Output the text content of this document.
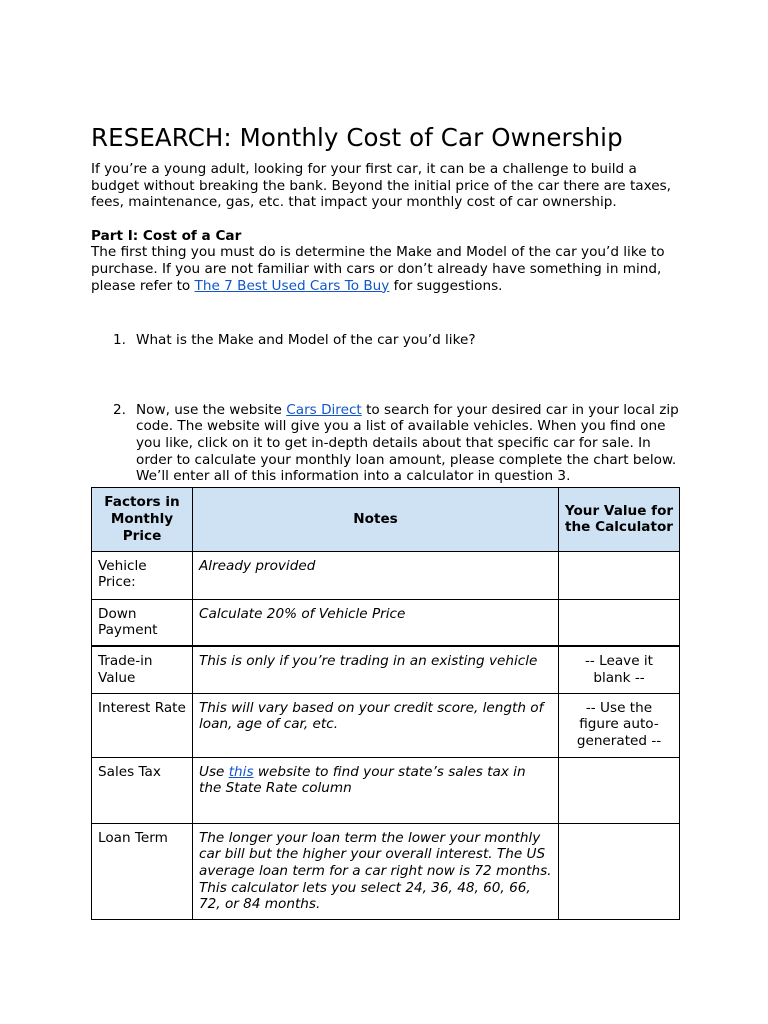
RESEARCH: Monthly Cost of Car Ownership

If you’re a young adult, looking for your first car, it can be a challenge to build a budget without breaking the bank. Beyond the initial price of the car there are taxes, fees, maintenance, gas, etc. that impact your monthly cost of car ownership.

Part I: Cost of a Car

The first thing you must do is determine the Make and Model of the car you’d like to purchase. If you are not familiar with cars or don’t already have something in mind, please refer to The 7 Best Used Cars To Buy for suggestions.

1. What is the Make and Model of the car you’d like?
2. Now, use the website Cars Direct to search for your desired car in your local zip code. The website will give you a list of available vehicles. When you find one you like, click on it to get in-depth details about that specific car for sale. In order to calculate your monthly loan amount, please complete the chart below. We’ll enter all of this information into a calculator in question 3.
Factors in Monthly Price	Notes	Your Value for the Calculator
Vehicle Price:	Already provided	
Down Payment	Calculate 20% of Vehicle Price	
Trade-in Value	This is only if you’re trading in an existing vehicle	-- Leave it blank --
Interest Rate	This will vary based on your credit score, length of loan, age of car, etc.	-- Use the figure auto-generated --
Sales Tax	Use this website to find your state’s sales tax in the State Rate column	
Loan Term	The longer your loan term the lower your monthly car bill but the higher your overall interest. The US average loan term for a car right now is 72 months. This calculator lets you select 24, 36, 48, 60, 66, 72, or 84 months.	
